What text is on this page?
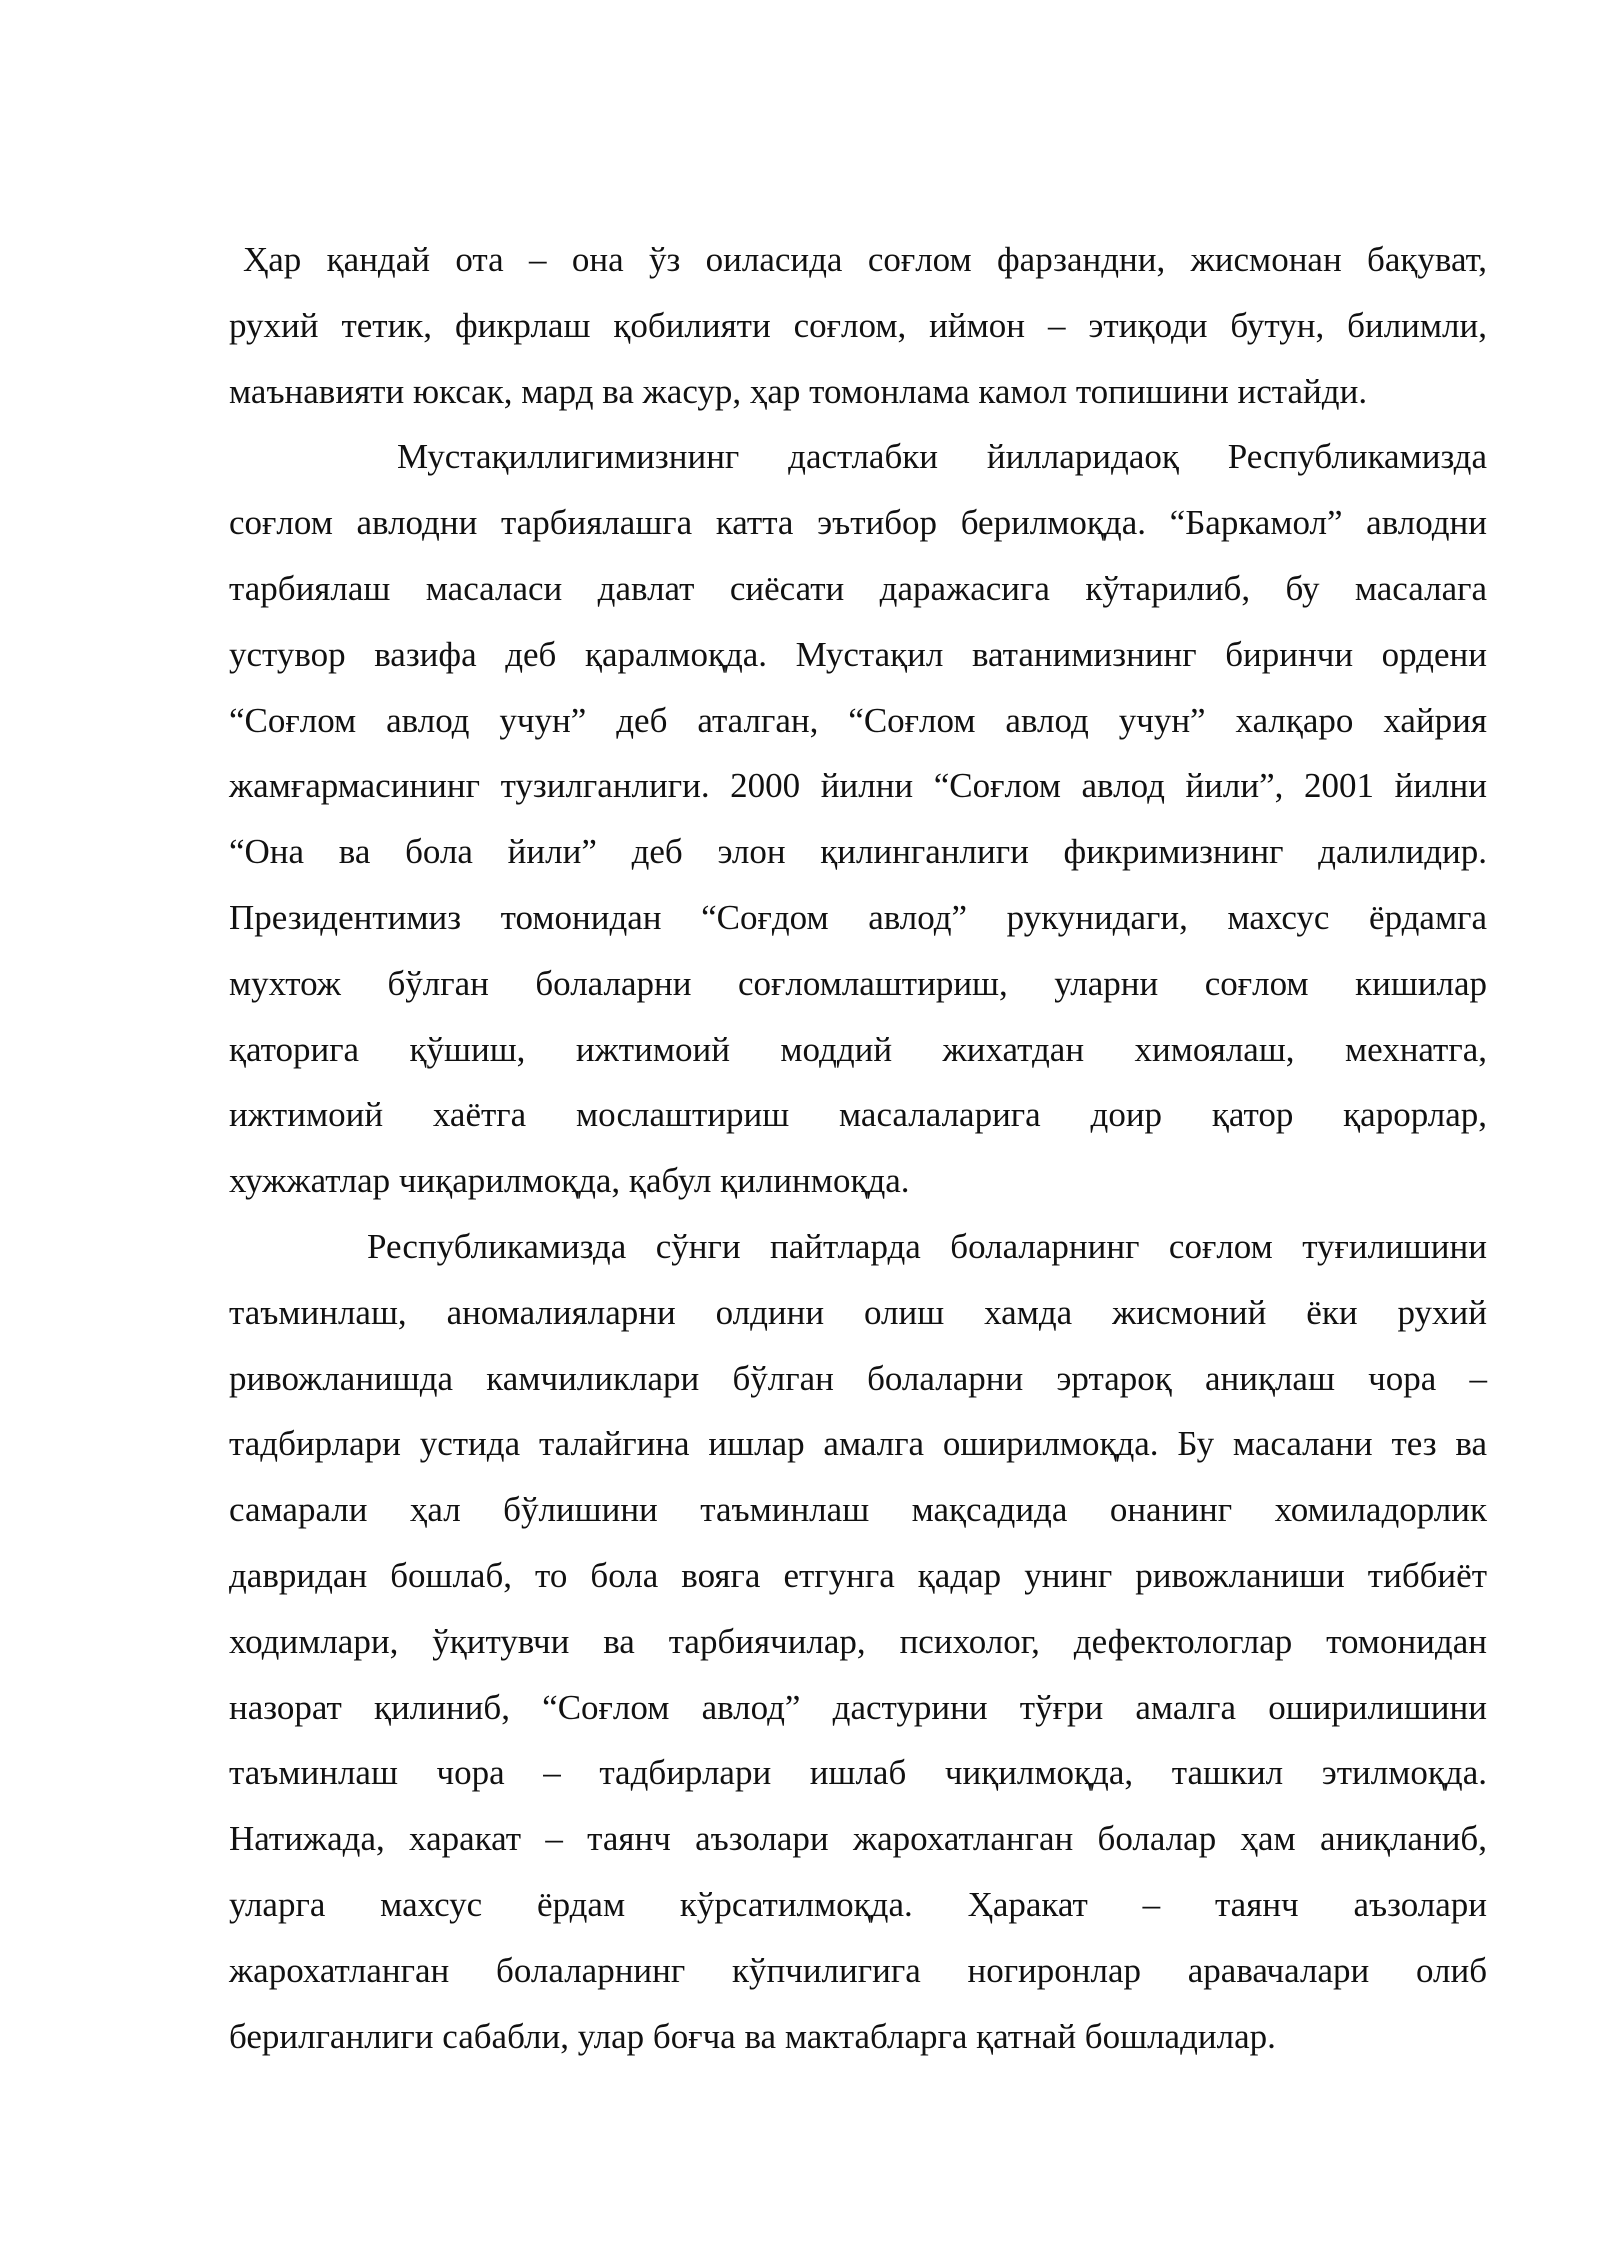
Ҳар қандай ота – она ўз оиласида соғлом фарзандни, жисмонан бақуват,
рухий тетик, фикрлаш қобилияти соғлом, иймон – этиқоди бутун, билимли,
маънавияти юксак, мард ва жасур, ҳар томонлама камол топишини истайди.
Мустақиллигимизнинг дастлабки йилларидаоқ Республикамизда
соғлом авлодни тарбиялашга катта эътибор берилмоқда. “Баркамол” авлодни
тарбиялаш масаласи давлат сиёсати даражасига кўтарилиб, бу масалага
устувор вазифа деб қаралмоқда. Мустақил ватанимизнинг биринчи ордени
“Соғлом авлод учун” деб аталган, “Соғлом авлод учун” халқаро хайрия
жамғармасининг тузилганлиги. 2000 йилни “Соғлом авлод йили”, 2001 йилни
“Она ва бола йили” деб элон қилинганлиги фикримизнинг далилидир.
Президентимиз томонидан “Соғдом авлод” рукунидаги, махсус ёрдамга
мухтож бўлган болаларни соғломлаштириш, уларни соғлом кишилар
қаторига қўшиш, ижтимоий моддий жихатдан химоялаш, мехнатга,
ижтимоий хаётга мослаштириш масалаларига доир қатор қарорлар,
хужжатлар чиқарилмоқда, қабул қилинмоқда.
Республикамизда сўнги пайтларда болаларнинг соғлом туғилишини
таъминлаш, аномалияларни олдини олиш хамда жисмоний ёки рухий
ривожланишда камчиликлари бўлган болаларни эртароқ аниқлаш чора –
тадбирлари устида талайгина ишлар амалга оширилмоқда. Бу масалани тез ва
самарали ҳал бўлишини таъминлаш мақсадида онанинг хомиладорлик
давридан бошлаб, то бола вояга етгунга қадар унинг ривожланиши тиббиёт
ходимлари, ўқитувчи ва тарбиячилар, психолог, дефектологлар томонидан
назорат қилиниб, “Соғлом авлод” дастурини тўғри амалга оширилишини
таъминлаш чора – тадбирлари ишлаб чиқилмоқда, ташкил этилмоқда.
Натижада, харакат – таянч аъзолари жарохатланган болалар ҳам аниқланиб,
уларга махсус ёрдам кўрсатилмоқда. Ҳаракат – таянч аъзолари
жарохатланган болаларнинг кўпчилигига ногиронлар аравачалари олиб
берилганлиги сабабли, улар боғча ва мактабларга қатнай бошладилар.
